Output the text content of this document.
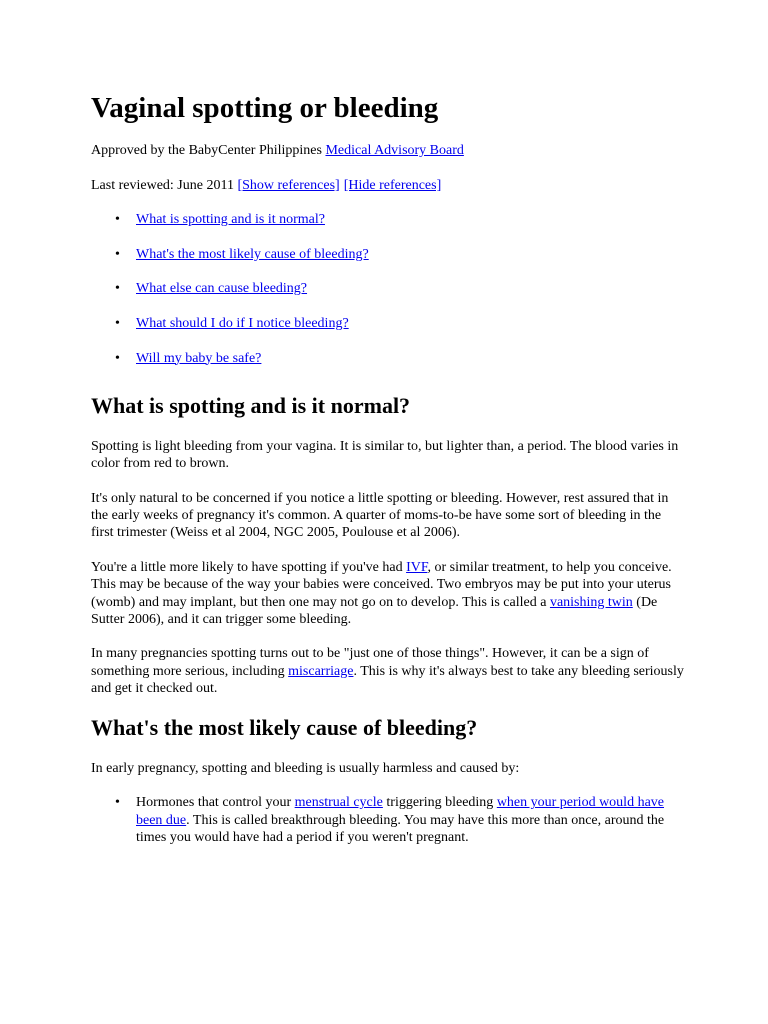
Vaginal spotting or bleeding

Approved by the BabyCenter Philippines Medical Advisory Board

Last reviewed: June 2011 [Show references] [Hide references]

• What is spotting and is it normal?
• What's the most likely cause of bleeding?
• What else can cause bleeding?
• What should I do if I notice bleeding?
• Will my baby be safe?
What is spotting and is it normal?

Spotting is light bleeding from your vagina. It is similar to, but lighter than, a period. The blood varies in color from red to brown.

It's only natural to be concerned if you notice a little spotting or bleeding. However, rest assured that in the early weeks of pregnancy it's common. A quarter of moms-to-be have some sort of bleeding in the first trimester (Weiss et al 2004, NGC 2005, Poulouse et al 2006).

You're a little more likely to have spotting if you've had IVF, or similar treatment, to help you conceive. This may be because of the way your babies were conceived. Two embryos may be put into your uterus (womb) and may implant, but then one may not go on to develop. This is called a vanishing twin (De Sutter 2006), and it can trigger some bleeding.

In many pregnancies spotting turns out to be "just one of those things". However, it can be a sign of something more serious, including miscarriage. This is why it's always best to take any bleeding seriously and get it checked out.

What's the most likely cause of bleeding?

In early pregnancy, spotting and bleeding is usually harmless and caused by:

• Hormones that control your menstrual cycle triggering bleeding when your period would have been due. This is called breakthrough bleeding. You may have this more than once, around the times you would have had a period if you weren't pregnant.
